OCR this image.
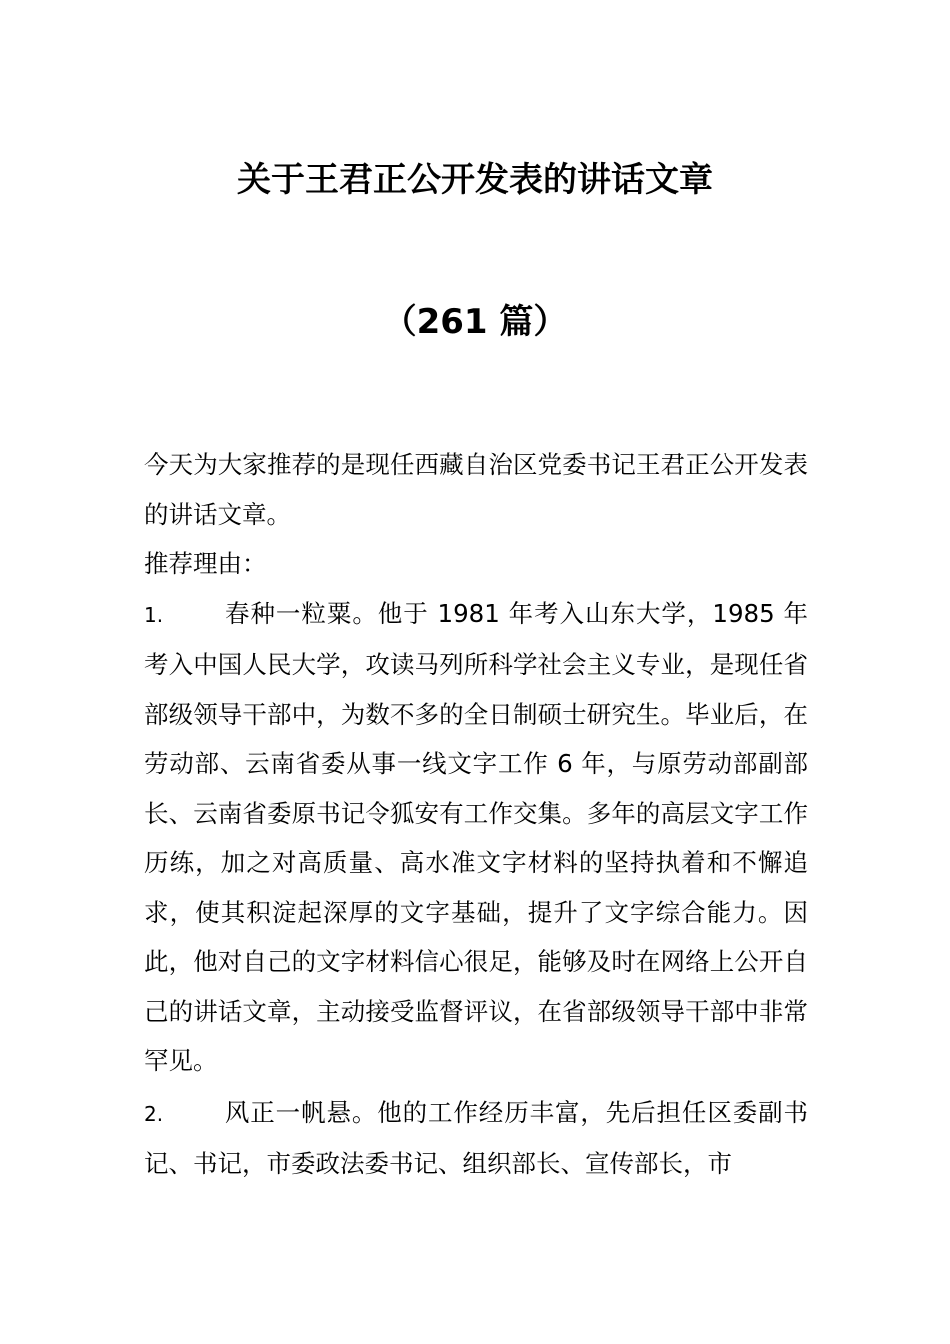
关于王君正公开发表的讲话文章
（261 篇）

今天为大家推荐的是现任西藏自治区党委书记王君正公开发表的讲话文章。

推荐理由：

1. 春种一粒粟。他于 1981 年考入山东大学，1985 年考入中国人民大学，攻读马列所科学社会主义专业，是现任省部级领导干部中，为数不多的全日制硕士研究生。毕业后，在劳动部、云南省委从事一线文字工作 6 年，与原劳动部副部长、云南省委原书记令狐安有工作交集。多年的高层文字工作历练，加之对高质量、高水准文字材料的坚持执着和不懈追求，使其积淀起深厚的文字基础，提升了文字综合能力。因此，他对自己的文字材料信心很足，能够及时在网络上公开自己的讲话文章，主动接受监督评议，在省部级领导干部中非常罕见。

2. 风正一帆悬。他的工作经历丰富，先后担任区委副书记、书记，市委政法委书记、组织部长、宣传部长，市
